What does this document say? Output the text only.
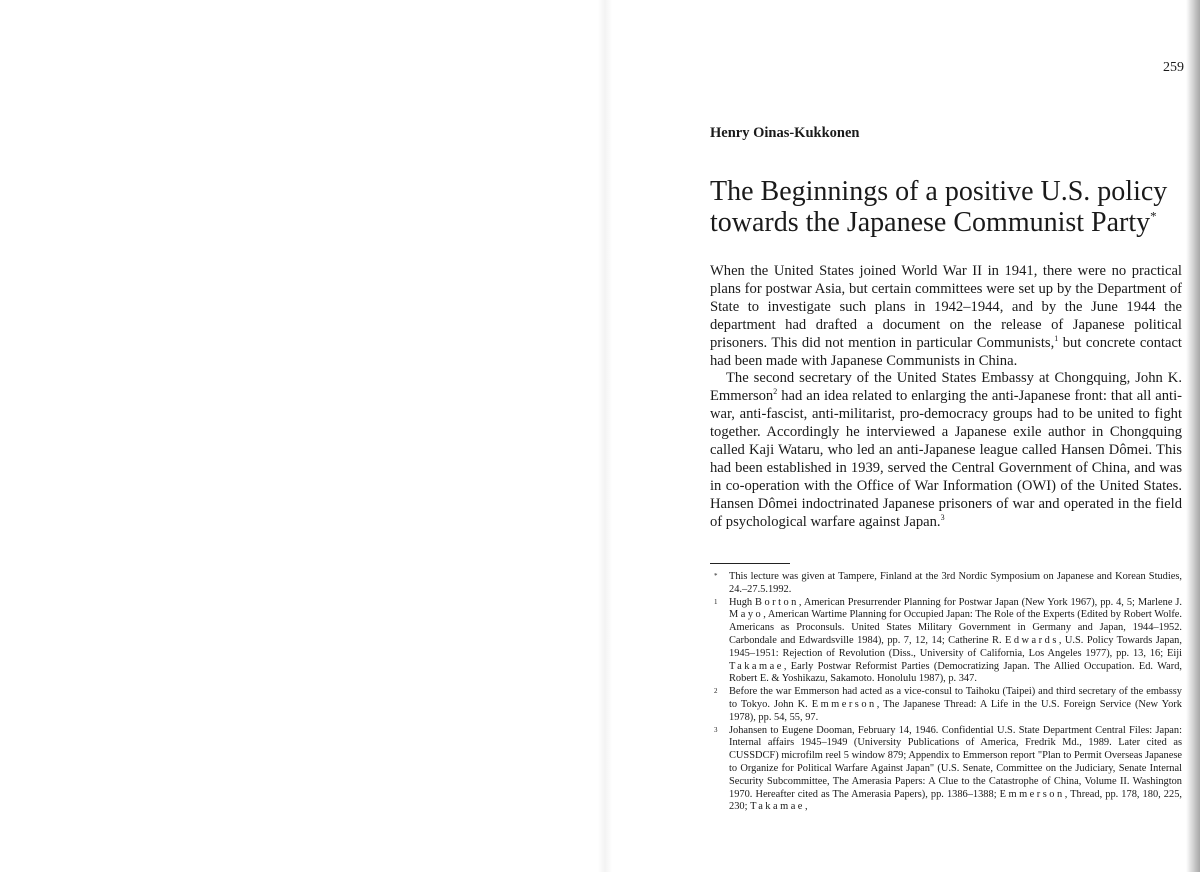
259
Henry Oinas-Kukkonen
The Beginnings of a positive U.S. policy
towards the Japanese Communist Party*

When the United States joined World War II in 1941, there were no practical plans for postwar Asia, but certain committees were set up by the Department of State to investigate such plans in 1942–1944, and by the June 1944 the department had drafted a document on the release of Japanese political prisoners. This did not mention in particular Communists,$^1$ but concrete contact had been made with Japanese Communists in China.

The second secretary of the United States Embassy at Chongquing, John K. Emmerson$^2$ had an idea related to enlarging the anti-Japanese front: that all anti-war, anti-fascist, anti-militarist, pro-democracy groups had to be united to fight together. Accordingly he interviewed a Japanese exile author in Chongquing called Kaji Wataru, who led an anti-Japanese league called Hansen Dômei. This had been established in 1939, served the Central Government of China, and was in co-operation with the Office of War Information (OWI) of the United States. Hansen Dômei indoctrinated Japanese prisoners of war and operated in the field of psychological warfare against Japan.$^3$

* This lecture was given at Tampere, Finland at the 3rd Nordic Symposium on Japanese and Korean Studies, 24.–27.5.1992.

1 Hugh Borton, American Presurrender Planning for Postwar Japan (New York 1967), pp. 4, 5; Marlene J. Mayo, American Wartime Planning for Occupied Japan: The Role of the Experts (Edited by Robert Wolfe. Americans as Proconsuls. United States Military Government in Germany and Japan, 1944–1952. Carbondale and Edwardsville 1984), pp. 7, 12, 14; Catherine R. Edwards, U.S. Policy Towards Japan, 1945–1951: Rejection of Revolution (Diss., University of California, Los Angeles 1977), pp. 13, 16; Eiji Takamae, Early Postwar Reformist Parties (Democratizing Japan. The Allied Occupation. Ed. Ward, Robert E. & Yoshikazu, Sakamoto. Honolulu 1987), p. 347.

2 Before the war Emmerson had acted as a vice-consul to Taihoku (Taipei) and third secretary of the embassy to Tokyo. John K. Emmerson, The Japanese Thread: A Life in the U.S. Foreign Service (New York 1978), pp. 54, 55, 97.

3 Johansen to Eugene Dooman, February 14, 1946. Confidential U.S. State Department Central Files: Japan: Internal affairs 1945–1949 (University Publications of America, Fredrik Md., 1989. Later cited as CUSSDCF) microfilm reel 5 window 879; Appendix to Emmerson report "Plan to Permit Overseas Japanese to Organize for Political Warfare Against Japan" (U.S. Senate, Committee on the Judiciary, Senate Internal Security Subcommittee, The Amerasia Papers: A Clue to the Catastrophe of China, Volume II. Washington 1970. Hereafter cited as The Amerasia Papers), pp. 1386–1388; Emmerson, Thread, pp. 178, 180, 225, 230; Takamae,
